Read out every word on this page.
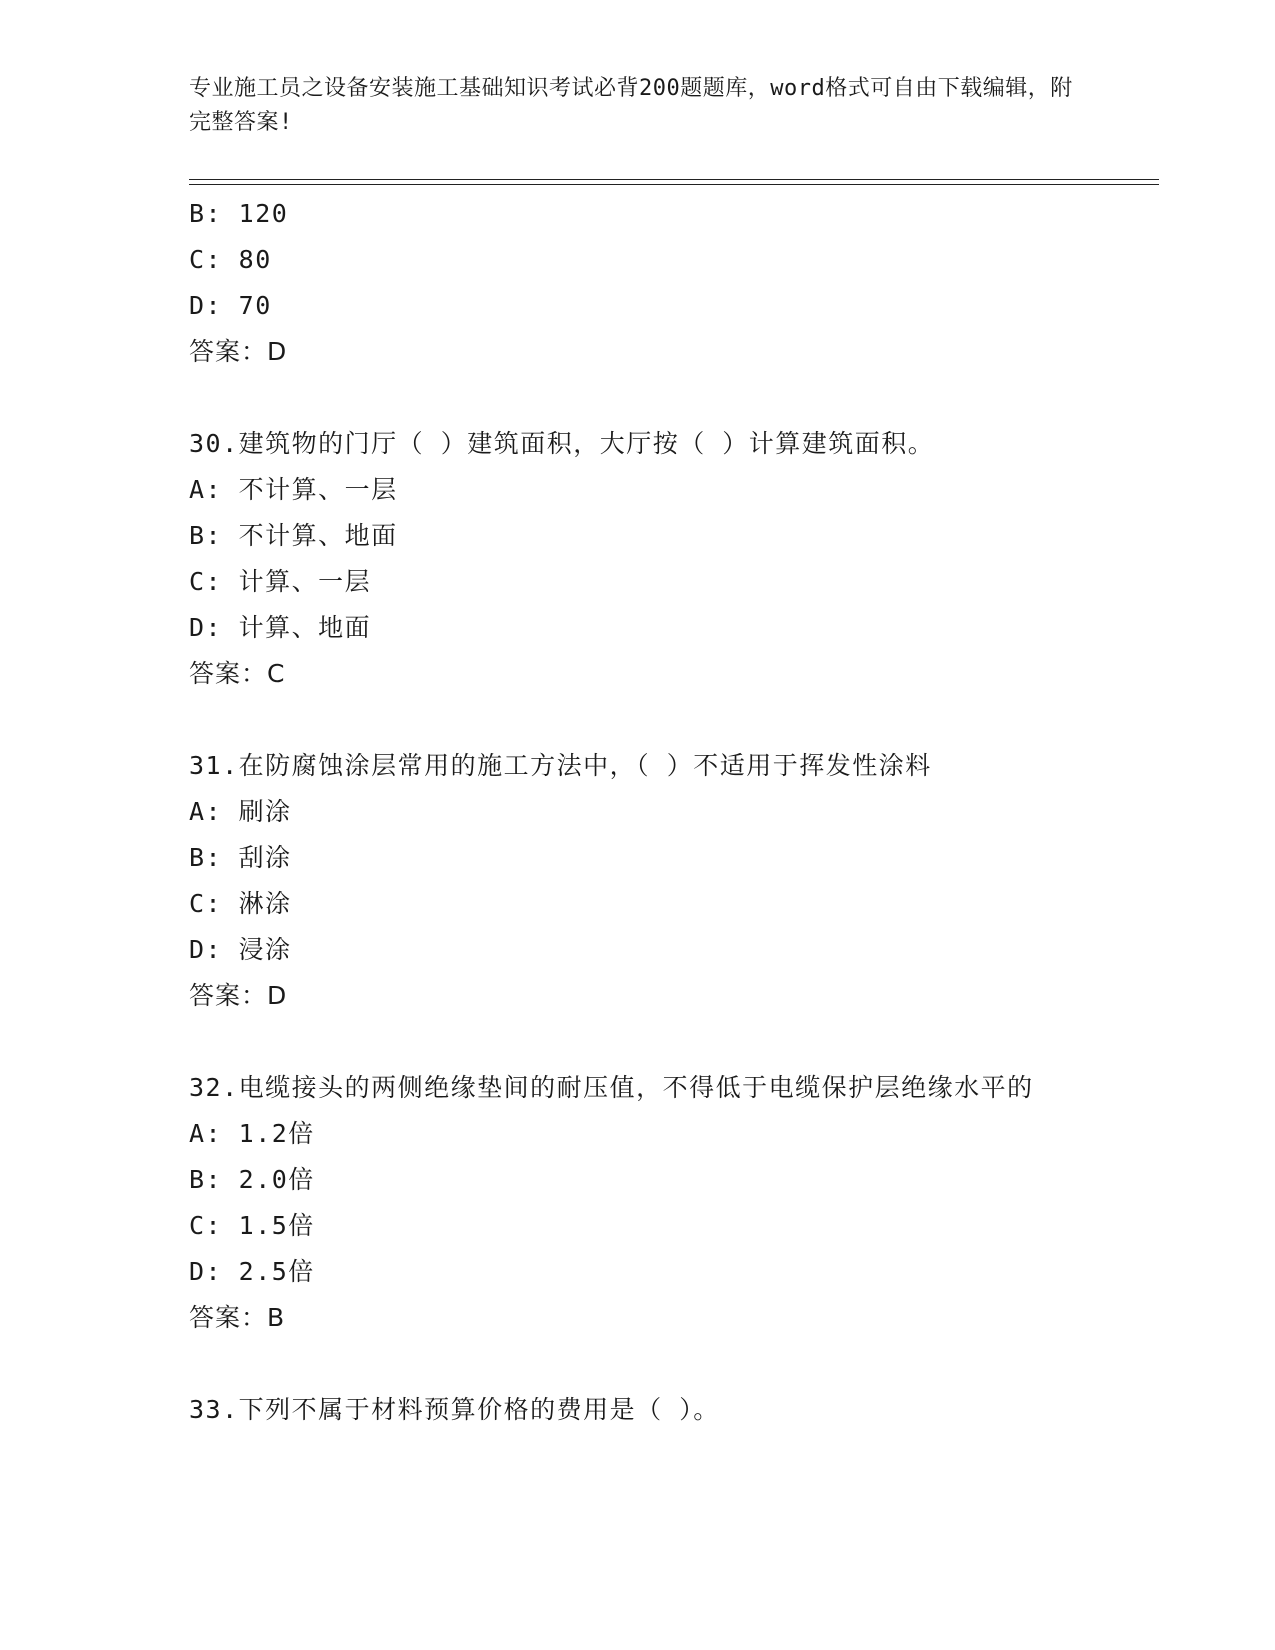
专业施工员之设备安装施工基础知识考试必背200题题库，word格式可自由下载编辑，附完整答案!
B: 120
C: 80
D: 70
答案：D
30.建筑物的门厅（ ）建筑面积，大厅按（ ）计算建筑面积。
A: 不计算、一层
B: 不计算、地面
C: 计算、一层
D: 计算、地面
答案：C
31.在防腐蚀涂层常用的施工方法中，（ ）不适用于挥发性涂料
A: 刷涂
B: 刮涂
C: 淋涂
D: 浸涂
答案：D
32.电缆接头的两侧绝缘垫间的耐压值，不得低于电缆保护层绝缘水平的
A: 1.2倍
B: 2.0倍
C: 1.5倍
D: 2.5倍
答案：B
33.下列不属于材料预算价格的费用是（ ）。
